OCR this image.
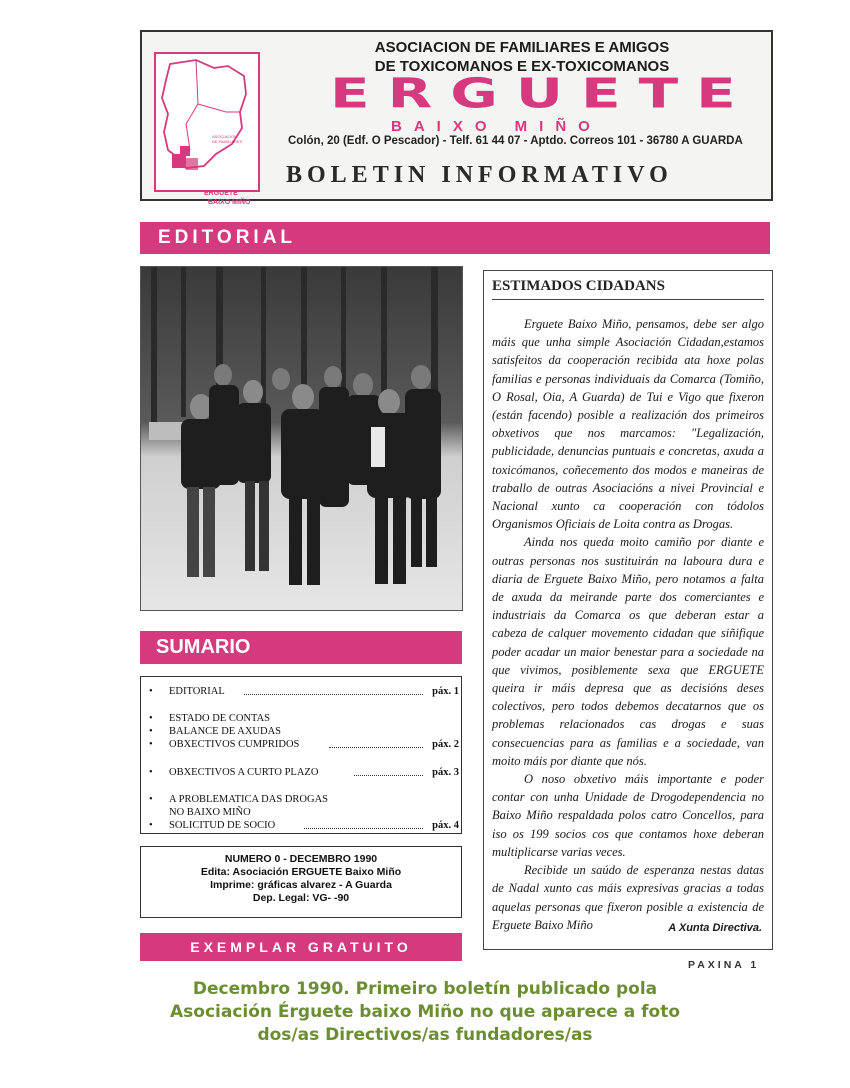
ASOCIACION
DE FAMILIARES
ERGUETE
BAIXO MIÑO
ASOCIACION DE FAMILIARES E AMIGOS
DE TOXICOMANOS E EX-TOXICOMANOS
ERGUETE
BAIXO MIÑO
Colón, 20 (Edf. O Pescador) - Telf. 61 44 07 - Aptdo. Correos 101 - 36780 A GUARDA
BOLETIN INFORMATIVO
EDITORIAL
SUMARIO
• EDITORIAL	páx. 1
• ESTADO DE CONTAS
• BALANCE DE AXUDAS
• OBXECTIVOS CUMPRIDOS	páx. 2
• OBXECTIVOS A CURTO PLAZO	páx. 3
• A PROBLEMATICA DAS DROGAS
NO BAIXO MIÑO
• SOLICITUD DE SOCIO	páx. 4
NUMERO 0 - DECEMBRO 1990
Edita: Asociación ERGUETE Baixo Miño
Imprime: gráficas alvarez - A Guarda
Dep. Legal: VG- -90
EXEMPLAR GRATUITO
ESTIMADOS CIDADANS

Erguete Baixo Miño, pensamos, debe ser algo máis que unha simple Asociación Cidadan,estamos satisfeitos da cooperación recibida ata hoxe polas familias e personas individuais da Comarca (Tomiño, O Rosal, Oia, A Guarda) de Tui e Vigo que fixeron (están facendo) posible a realización dos primeiros obxetivos que nos marcamos: "Legalización, publicidade, denuncias puntuais e concretas, axuda a toxicómanos, coñecemento dos modos e maneiras de traballo de outras Asociacións a nivei Provincial e Nacional xunto ca cooperación con tódolos Organismos Oficiais de Loita contra as Drogas.

Ainda nos queda moito camiño por diante e outras personas nos sustituirán na laboura dura e diaria de Erguete Baixo Miño, pero notamos a falta de axuda da meirande parte dos comerciantes e industriais da Comarca os que deberan estar a cabeza de calquer movemento cidadan que siñifique poder acadar un maior benestar para a sociedade na que vivimos, posiblemente sexa que ERGUETE queira ir máis depresa que as decisións deses colectivos, pero todos debemos decatarnos que os problemas relacionados cas drogas e suas consecuencias para as familias e a sociedade, van moito máis por diante que nós.

O noso obxetivo máis importante e poder contar con unha Unidade de Drogodependencia no Baixo Miño respaldada polos catro Concellos, para iso os 199 socios cos que contamos hoxe deberan multiplicarse varias veces.

Recibide un saúdo de esperanza nestas datas de Nadal xunto cas máis expresivas gracias a todas aquelas personas que fixeron posible a existencia de Erguete Baixo Miño	A Xunta Directiva.
PAXINA 1
Decembro 1990. Primeiro boletín publicado pola
Asociación Érguete baixo Miño no que aparece a foto
dos/as Directivos/as fundadores/as
